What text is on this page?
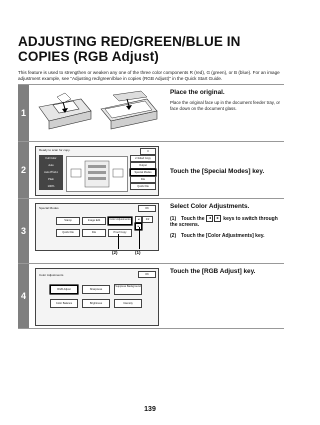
ADJUSTING RED/GREEN/BLUE IN COPIES (RGB Adjust)
This feature is used to strengthen or weaken any one of the three color components R (red), G (green), or B (blue). For an image adjustment example, see "Adjusting red/green/blue in copies (RGB Adjust)" in the Quick Start Guide.
1
Place the original.
Place the original face up in the document feeder tray, or face down on the document glass.
2
Ready to scan for copy.	0
Full Color
Auto
Auto 8½x11
Plain
100%
2-Sided Copy
Output
Special Modes
File
Quick File
Touch the [Special Modes] key.
3
Special Modes	OK
Stamp	Image Edit	Color Adjustments
Quick File	File	Proof Copy
◄	2/2
(2)	(1)
Select Color Adjustments.
(1) Touch the ◄ ► keys to switch through the screens.
(2) Touch the [Color Adjustments] key.
4
Color Adjustments	OK
RGB Adjust	Sharpness
Suppress Background
Color Balance	Brightness	Intensity
Touch the [RGB Adjust] key.
139
